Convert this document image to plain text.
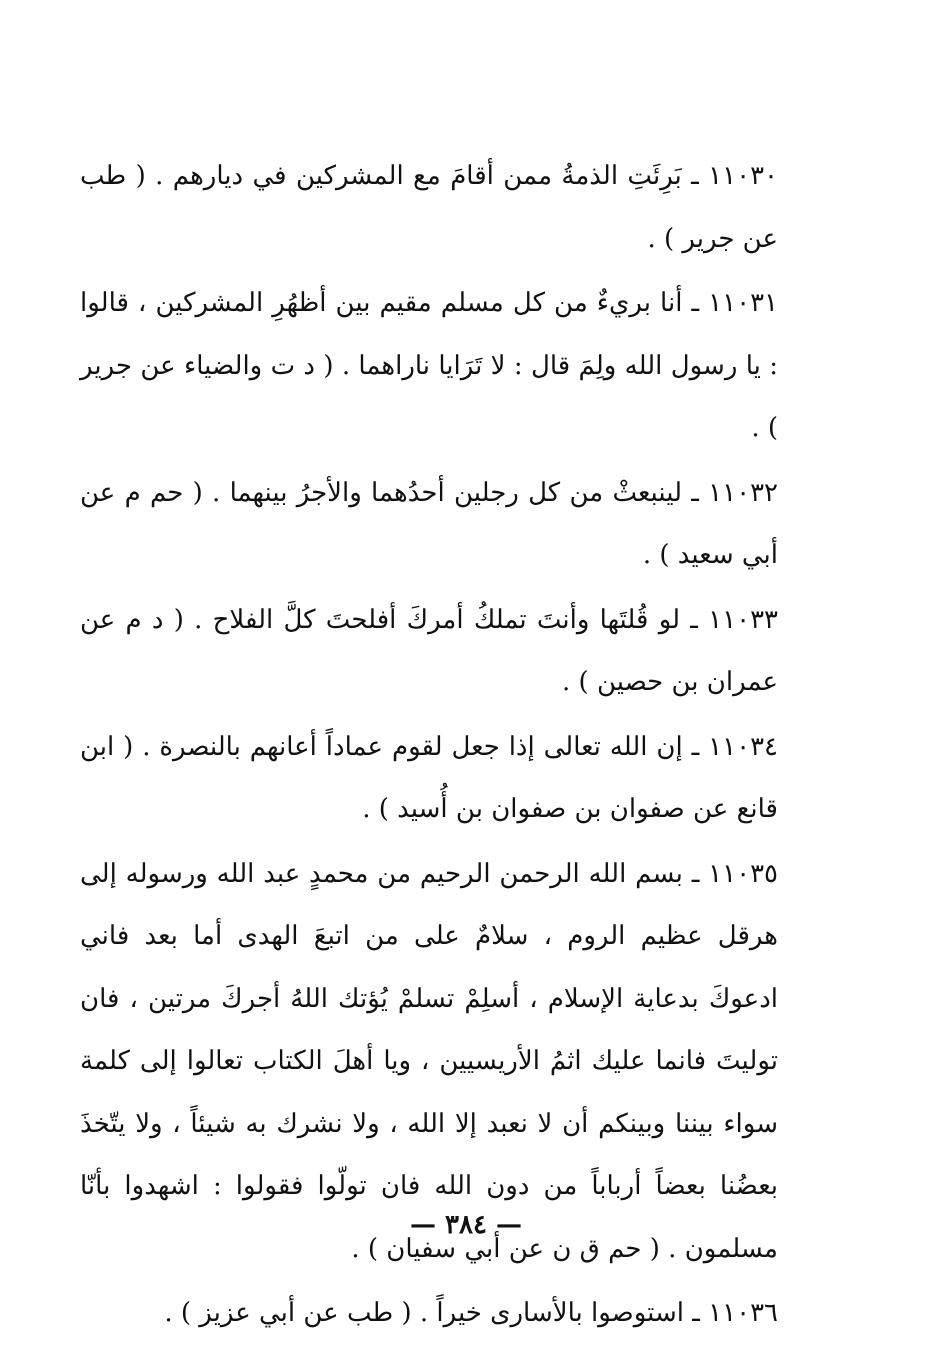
١١٠٣٠ ـ بَرِئَتِ الذمةُ ممن أقامَ مع المشركين في ديارهم . ( طب عن جرير ) .

١١٠٣١ ـ أنا بريءٌ من كل مسلم مقيم بين أظهُرِ المشركين ، قالوا : يا رسول الله ولِمَ قال : لا تَرَايا ناراهما . ( د ت والضياء عن جرير ) .

١١٠٣٢ ـ لينبعثْ من كل رجلين أحدُهما والأجرُ بينهما . ( حم م عن أبي سعيد ) .

١١٠٣٣ ـ لو قُلتَها وأنتَ تملكُ أمركَ أفلحتَ كلَّ الفلاح . ( د م عن عمران بن حصين ) .

١١٠٣٤ ـ إن الله تعالى إذا جعل لقوم عماداً أعانهم بالنصرة . ( ابن قانع عن صفوان بن صفوان بن أُسيد ) .

١١٠٣٥ ـ بسم الله الرحمن الرحيم من محمدٍ عبد الله ورسوله إلى هرقل عظيم الروم ، سلامٌ على من اتبعَ الهدى أما بعد فاني ادعوكَ بدعاية الإسلام ، أسلِمْ تسلمْ يُؤتك اللهُ أجركَ مرتين ، فان توليتَ فانما عليك اثمُ الأريسيين ، ويا أهلَ الكتاب تعالوا إلى كلمة سواء بيننا وبينكم أن لا نعبد إلا الله ، ولا نشرك به شيئاً ، ولا يتّخذَ بعضُنا بعضاً أرباباً من دون الله فان تولّوا فقولوا : اشهدوا بأنّا مسلمون . ( حم ق ن عن أبي سفيان ) .

١١٠٣٦ ـ استوصوا بالأسارى خيراً . ( طب عن أبي عزيز ) .

— ٣٨٤ —
